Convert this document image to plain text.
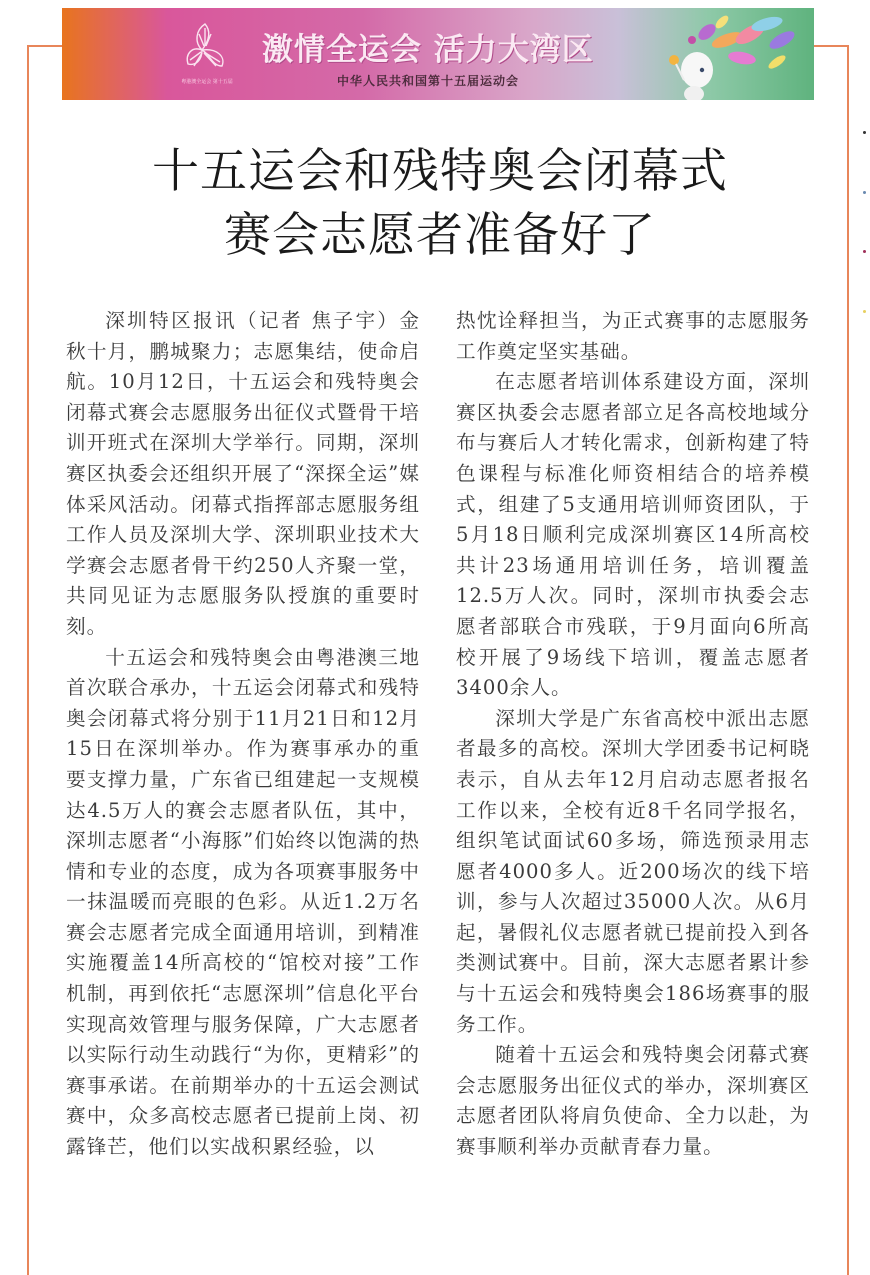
粤港澳全运会 第十五届
激情全运会 活力大湾区
中华人民共和国第十五届运动会
十五运会和残特奥会闭幕式
赛会志愿者准备好了

深圳特区报讯（记者 焦子宇）金秋十月，鹏城聚力；志愿集结，使命启航。10月12日，十五运会和残特奥会闭幕式赛会志愿服务出征仪式暨骨干培训开班式在深圳大学举行。同期，深圳赛区执委会还组织开展了“深探全运”媒体采风活动。闭幕式指挥部志愿服务组工作人员及深圳大学、深圳职业技术大学赛会志愿者骨干约250人齐聚一堂，共同见证为志愿服务队授旗的重要时刻。

十五运会和残特奥会由粤港澳三地首次联合承办，十五运会闭幕式和残特奥会闭幕式将分别于11月21日和12月15日在深圳举办。作为赛事承办的重要支撑力量，广东省已组建起一支规模达4.5万人的赛会志愿者队伍，其中，深圳志愿者“小海豚”们始终以饱满的热情和专业的态度，成为各项赛事服务中一抹温暖而亮眼的色彩。从近1.2万名赛会志愿者完成全面通用培训，到精准实施覆盖14所高校的“馆校对接”工作机制，再到依托“志愿深圳”信息化平台实现高效管理与服务保障，广大志愿者以实际行动生动践行“为你，更精彩”的赛事承诺。在前期举办的十五运会测试赛中，众多高校志愿者已提前上岗、初露锋芒，他们以实战积累经验，以

热忱诠释担当，为正式赛事的志愿服务工作奠定坚实基础。

在志愿者培训体系建设方面，深圳赛区执委会志愿者部立足各高校地域分布与赛后人才转化需求，创新构建了特色课程与标准化师资相结合的培养模式，组建了5支通用培训师资团队，于5月18日顺利完成深圳赛区14所高校共计23场通用培训任务，培训覆盖12.5万人次。同时，深圳市执委会志愿者部联合市残联，于9月面向6所高校开展了9场线下培训，覆盖志愿者3400余人。

深圳大学是广东省高校中派出志愿者最多的高校。深圳大学团委书记柯晓表示，自从去年12月启动志愿者报名工作以来，全校有近8千名同学报名，组织笔试面试60多场，筛选预录用志愿者4000多人。近200场次的线下培训，参与人次超过35000人次。从6月起，暑假礼仪志愿者就已提前投入到各类测试赛中。目前，深大志愿者累计参与十五运会和残特奥会186场赛事的服务工作。

随着十五运会和残特奥会闭幕式赛会志愿服务出征仪式的举办，深圳赛区志愿者团队将肩负使命、全力以赴，为赛事顺利举办贡献青春力量。
